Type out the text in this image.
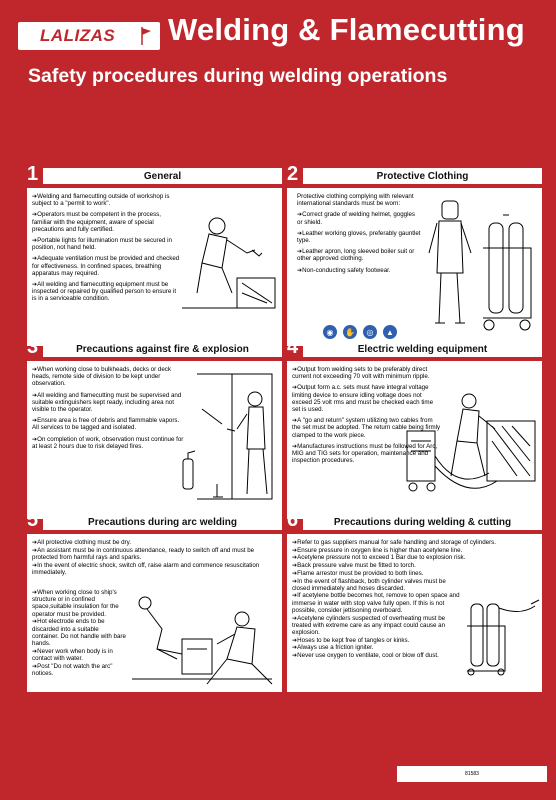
LALIZAS Welding & Flamecutting
Safety procedures during welding operations
1	General
➔Welding and flamecutting outside of workshop is subject to a "permit to work".
➔Operators must be competent in the process, familiar with the equipment, aware of special precautions and fully certified.
➔Portable lights for illumination must be secured in position, not hand held.
➔Adequate ventilation must be provided and checked for effectiveness. In confined spaces, breathing apparatus may required.
➔All welding and flamecutting equipment must be inspected or repaired by qualified person to ensure it is in a serviceable condition.
2	Protective Clothing
Protective clothing complying with relevant international standards must be worn:
➔Correct grade of welding helmet, goggles or shield.
➔Leather working gloves, preferably gauntlet type.
➔Leather apron, long sleeved boiler suit or other approved clothing.
➔Non-conducting safety footwear.
◉	✋	◎	▲
3	Precautions against fire & explosion
➔When working close to bulkheads, decks or deck heads, remote side of division to be kept under observation.
➔All welding and flamecutting must be supervised and suitable extinguishers kept ready, including area not visible to the operator.
➔Ensure area is free of debris and flammable vapors. All services to be tagged and isolated.
➔On completion of work, observation must continue for at least 2 hours due to risk delayed fires.
4	Electric welding equipment
➔Output from welding sets to be preferably direct current not exceeding 70 volt with minimum ripple.
➔Output form a.c. sets must have integral voltage limiting device to ensure idling voltage does not exceed 25 volt rms and must be checked each time set is used.
➔A "go and return" system utilizing two cables from the set must be adopted. The return cable being firmly clamped to the work piece.
➔Manufactures instructions must be followed for Arc, MIG and TIG sets for operation, maintenance and inspection procedures.
5	Precautions during arc welding
➔All protective clothing must be dry.
➔An assistant must be in continuous attendance, ready to switch off and must be protected from harmful rays and sparks.
➔In the event of electric shock, switch off, raise alarm and commence resuscitation immediately.
➔When working close to ship's structure or in confined space,suitable insulation for the operator must be provided.
➔Hot electrode ends to be discarded into a suitable container. Do not handle with bare hands.
➔Never work when body is in contact with water.
➔Post "Do not watch the arc" notices.
6	Precautions during welding & cutting
➔Refer to gas suppliers manual for safe handling and storage of cylinders.
➔Ensure pressure in oxygen line is higher than acetylene line.
➔Acetylene pressure not to exceed 1 Bar due to explosion risk.
➔Back pressure valve must be fitted to torch.
➔Flame arrestor must be provided to both lines.
➔In the event of flashback, both cylinder valves must be closed immediately and hoses discarded.
➔If acetylene bottle becomes hot, remove to open space and immerse in water with stop valve fully open. If this is not possible, consider jettisoning overboard.
➔Acetylene cylinders suspected of overheating must be treated with extreme care as any impact could cause an explosion.
➔Hoses to be kept free of tangles or kinks.
➔Always use a friction igniter.
➔Never use oxygen to ventilate, cool or blow off dust.
81583
